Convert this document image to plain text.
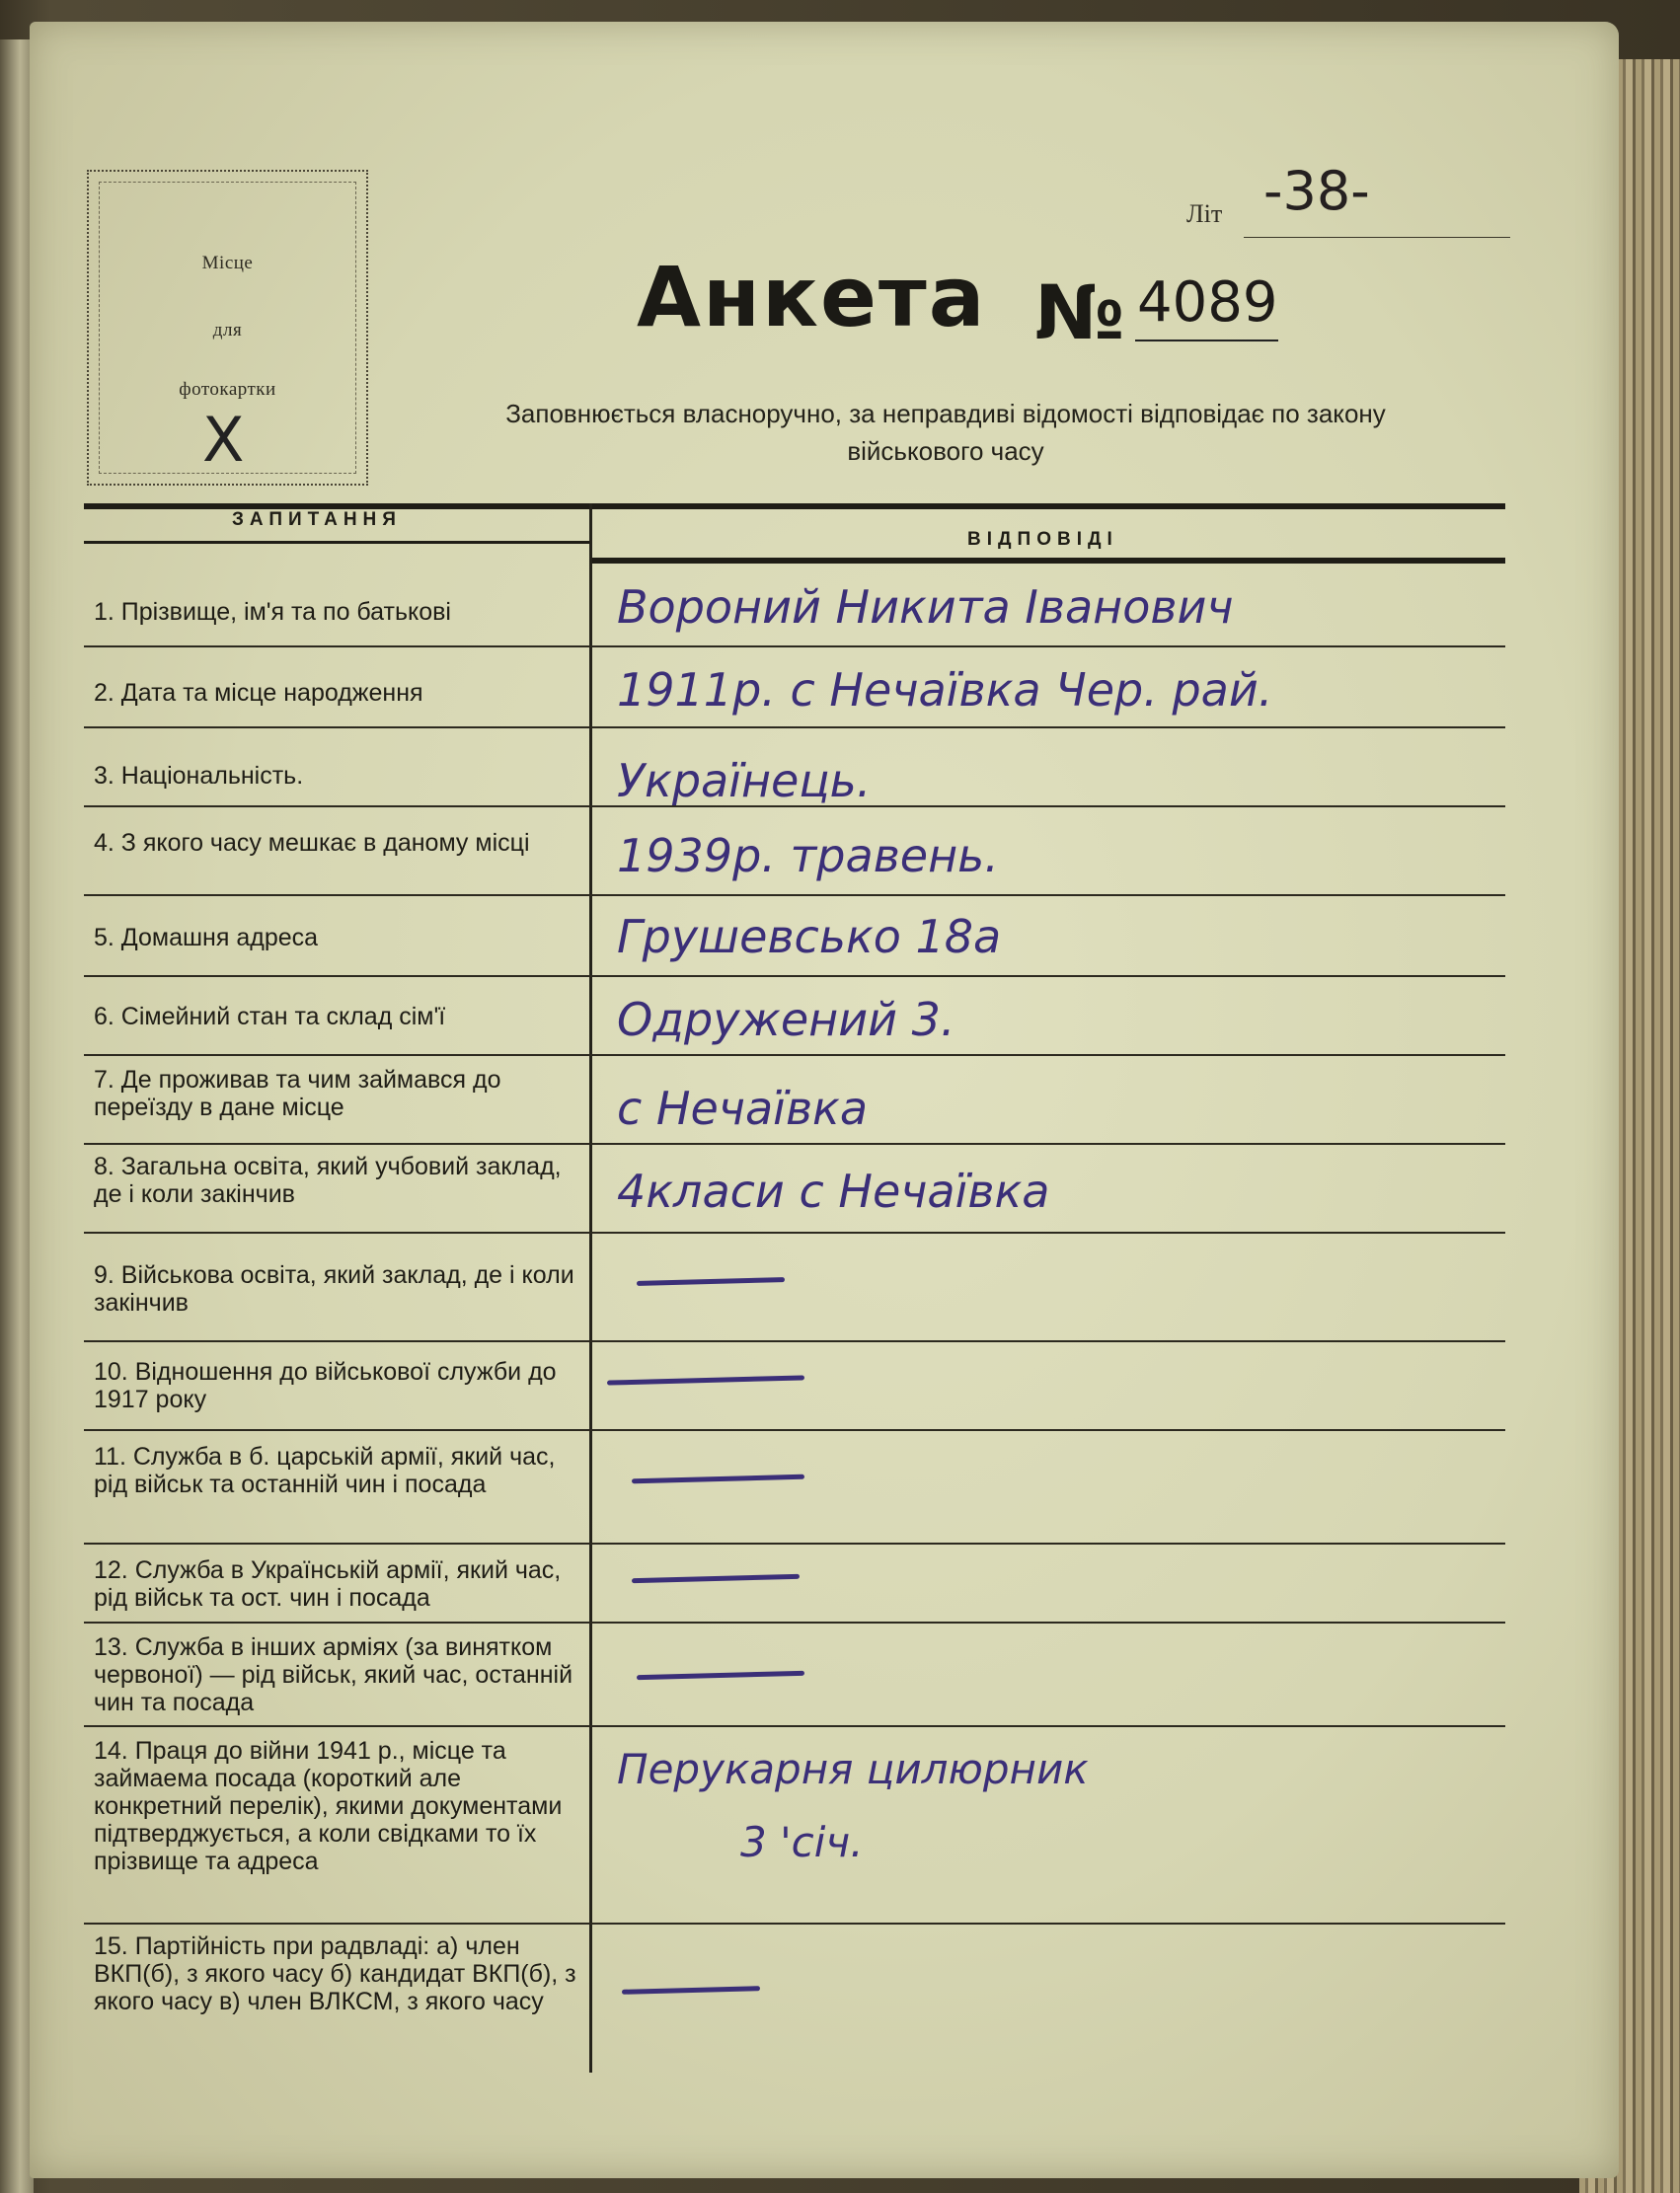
Місце
для
фотокартки
X
Літ -38-
Анкета № 4089
Заповнюється власноручно, за неправдиві відомості відповідає по закону
військового часу
ЗАПИТАННЯ
ВІДПОВІДІ
1. Прізвище, ім'я та по батькові	Вороний Никита Іванович
2. Дата та місце народження	1911р. с Нечаївка Чер. рай.
3. Національність.	Українець.
4. З якого часу мешкає в даному місці	1939р. травень.
5. Домашня адреса	Грушевсько 18а
6. Сімейний стан та склад сім'ї	Одружений 3.
7. Де проживав та чим займався до переїзду в дане місце	с Нечаївка
8. Загальна освіта, який учбовий заклад, де і коли закінчив	4класи с Нечаївка
9. Військова освіта, який заклад, де і коли закінчив
10. Відношення до військової служби до 1917 року
11. Служба в б. царській армії, який час, рід військ та останній чин і посада
12. Служба в Українській армії, який час, рід військ та ост. чин і посада
13. Служба в інших арміях (за винятком червоної) — рід військ, який час, останній чин та посада
14. Праця до війни 1941 р., місце та займаема посада (короткий але конкретний перелік), якими документами підтверджується, а коли свідками то їх прізвище та адреса
Перукарня цилюрник
3 'січ.
15. Партійність при радвладі: а) член ВКП(б), з якого часу б) кандидат ВКП(б), з якого часу в) член ВЛКСМ, з якого часу
